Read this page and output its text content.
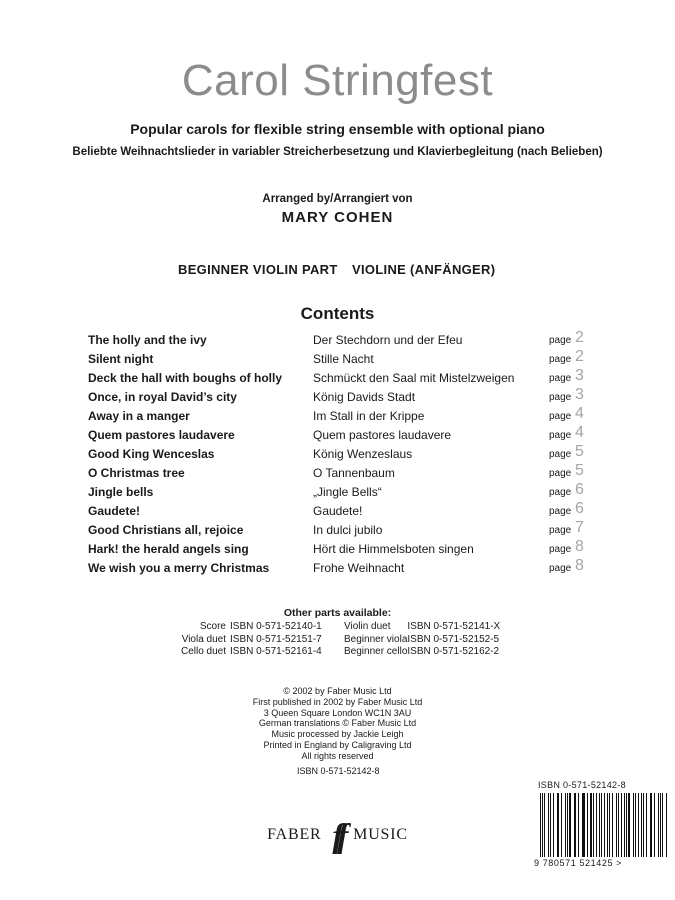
Carol Stringfest
Popular carols for flexible string ensemble with optional piano
Beliebte Weihnachtslieder in variabler Streicherbesetzung und Klavierbegleitung (nach Belieben)
Arranged by/Arrangiert von
MARY COHEN
BEGINNER VIOLIN PART VIOLINE (ANFÄNGER)
Contents
The holly and the ivy	Der Stechdorn und der Efeu	page 2
Silent night	Stille Nacht	page 2
Deck the hall with boughs of holly	Schmückt den Saal mit Mistelzweigen	page 3
Once, in royal David’s city	König Davids Stadt	page 3
Away in a manger	Im Stall in der Krippe	page 4
Quem pastores laudavere	Quem pastores laudavere	page 4
Good King Wenceslas	König Wenzeslaus	page 5
O Christmas tree	O Tannenbaum	page 5
Jingle bells	„Jingle Bells“	page 6
Gaudete!	Gaudete!	page 6
Good Christians all, rejoice	In dulci jubilo	page 7
Hark! the herald angels sing	Hört die Himmelsboten singen	page 8
We wish you a merry Christmas	Frohe Weihnacht	page 8
Other parts available:
Score	ISBN 0-571-52140-1	Violin duet	ISBN 0-571-52141-X
Viola duet	ISBN 0-571-52151-7	Beginner viola	ISBN 0-571-52152-5
Cello duet	ISBN 0-571-52161-4	Beginner cello	ISBN 0-571-52162-2
© 2002 by Faber Music Ltd
First published in 2002 by Faber Music Ltd
3 Queen Square London WC1N 3AU
German translations © Faber Music Ltd
Music processed by Jackie Leigh
Printed in England by Caligraving Ltd
All rights reserved
ISBN 0-571-52142-8
FABER ff MUSIC
ISBN 0-571-52142-8
9 780571 521425 >
